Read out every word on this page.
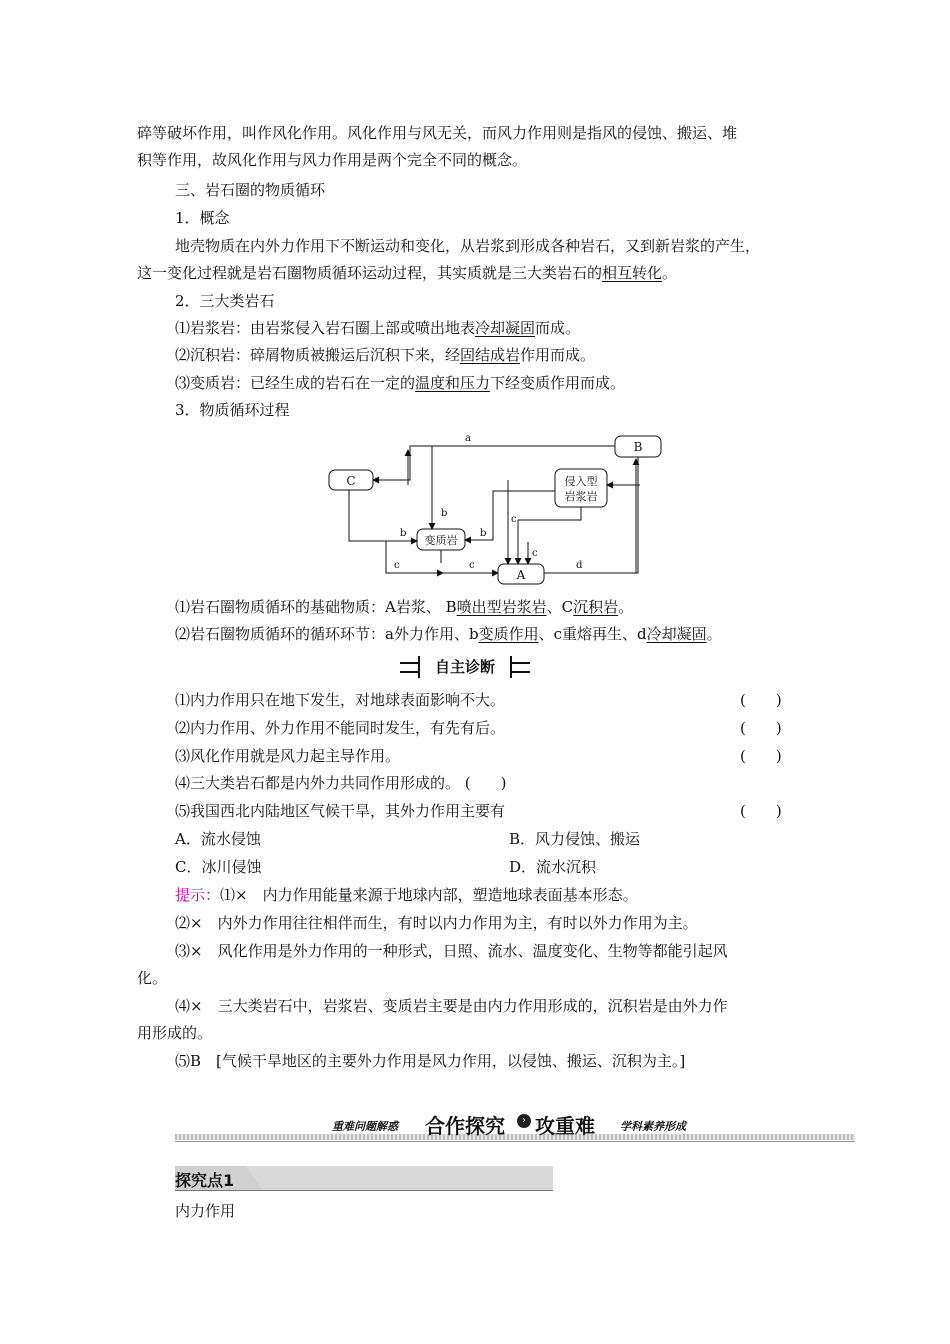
碎等破坏作用，叫作风化作用。风化作用与风无关，而风力作用则是指风的侵蚀、搬运、堆
积等作用，故风化作用与风力作用是两个完全不同的概念。
三、岩石圈的物质循环
1．概念
地壳物质在内外力作用下不断运动和变化，从岩浆到形成各种岩石，又到新岩浆的产生，
这一变化过程就是岩石圈物质循环运动过程，其实质就是三大类岩石的相互转化。
2．三大类岩石
⑴岩浆岩：由岩浆侵入岩石圈上部或喷出地表冷却凝固而成。
⑵沉积岩：碎屑物质被搬运后沉积下来，经固结成岩作用而成。
⑶变质岩：已经生成的岩石在一定的温度和压力下经变质作用而成。
3．物质循环过程
C
B
A
侵入型
岩浆岩
变质岩
a
b
b	b
c
c
c	c	d
⑴岩石圈物质循环的基础物质：A岩浆、 B喷出型岩浆岩、C沉积岩。
⑵岩石圈物质循环的循环环节：a外力作用、b变质作用、c重熔再生、d冷却凝固。
自主诊断
⑴内力作用只在地下发生，对地球表面影响不大。	(　　)
⑵内力作用、外力作用不能同时发生，有先有后。	(　　)
⑶风化作用就是风力起主导作用。	(　　)
⑷三大类岩石都是内外力共同作用形成的。 (　　)
⑸我国西北内陆地区气候干旱，其外力作用主要有	(　　)
A．流水侵蚀	B．风力侵蚀、搬运
C．冰川侵蚀	D．流水沉积
提示：⑴×　内力作用能量来源于地球内部，塑造地球表面基本形态。
⑵×　内外力作用往往相伴而生，有时以内力作用为主，有时以外力作用为主。
⑶×　风化作用是外力作用的一种形式，日照、流水、温度变化、生物等都能引起风
化。
⑷×　三大类岩石中，岩浆岩、变质岩主要是由内力作用形成的，沉积岩是由外力作
用形成的。
⑸B　[气候干旱地区的主要外力作用是风力作用，以侵蚀、搬运、沉积为主。]
重难问题解惑 合作探究	› 攻重难 学科素养形成
探究点1
内力作用
